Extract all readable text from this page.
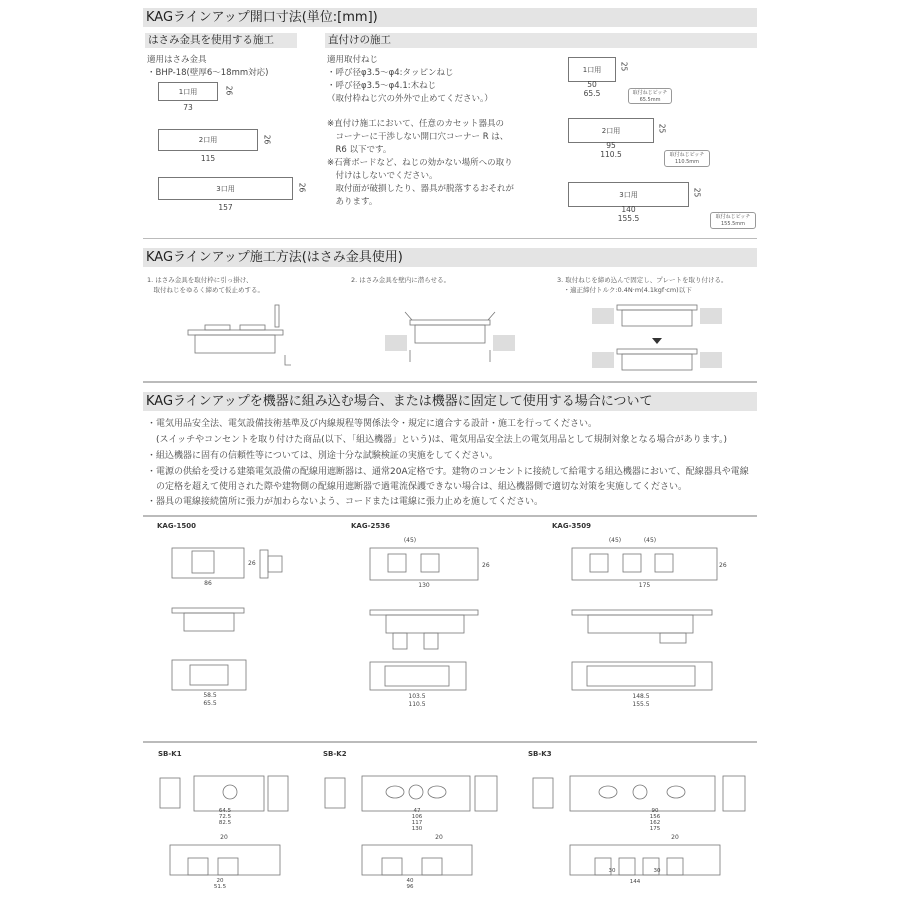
KAGラインアップ開口寸法(単位:[mm])
はさみ金具を使用する施工	直付けの施工
適用はさみ金具
・BHP-18(壁厚6〜18mm対応)
1口用	26
73
2口用	26
115
3口用	26
157
適用取付ねじ
・呼び径φ3.5〜φ4:タッピンねじ
・呼び径φ3.5〜φ4.1:木ねじ
（取付枠ねじ穴の外外で止めてください。）
※直付け施工において、任意のカセット器具の
　コーナーに干渉しない開口穴コーナー R は、
　R6 以下です。
※石膏ボードなど、ねじの効かない場所への取り
　付けはしないでください。
　取付面が破損したり、器具が脱落するおそれが
　あります。
1口用	25
50
65.5	取付ねじピッチ
65.5mm
2口用	25
95
110.5	取付ねじピッチ
110.5mm
3口用	25
140
155.5	取付ねじピッチ
155.5mm
KAGラインアップ施工方法(はさみ金具使用)
1. はさみ金具を取付枠に引っ掛け、
　取付ねじをゆるく締めて仮止めする。
2. はさみ金具を壁内に潜らせる。	3. 取付ねじを締め込んで固定し、プレートを取り付ける。
　・適正締付トルク:0.4N·m(4.1kgf·cm)以下
KAGラインアップを機器に組み込む場合、または機器に固定して使用する場合について
・電気用品安全法、電気設備技術基準及び内線規程等関係法令・規定に適合する設計・施工を行ってください。
　(スイッチやコンセントを取り付けた商品(以下、「組込機器」という)は、電気用品安全法上の電気用品として規制対象となる場合があります。)
・組込機器に固有の信頼性等については、別途十分な試験検証の実施をしてください。
・電源の供給を受ける建築電気設備の配線用遮断器は、通常20A定格です。建物のコンセントに接続して給電する組込機器において、配線器具や電線
　の定格を超えて使用された際や建物側の配線用遮断器で過電流保護できない場合は、組込機器側で適切な対策を実施してください。
・器具の電線接続箇所に張力が加わらないよう、コードまたは電線に張力止めを施してください。
KAG-1500	KAG-2536	KAG-3509
86
26
58.5
65.5
(45)
130
26
103.5
110.5
(45)	(45)
175
26
148.5
155.5
SB-K1	SB-K2	SB-K3
64.5
72.5
82.5
20
20
51.5
47
106
117
130
20
40
96
90
156
162
175
20
30	30
144
